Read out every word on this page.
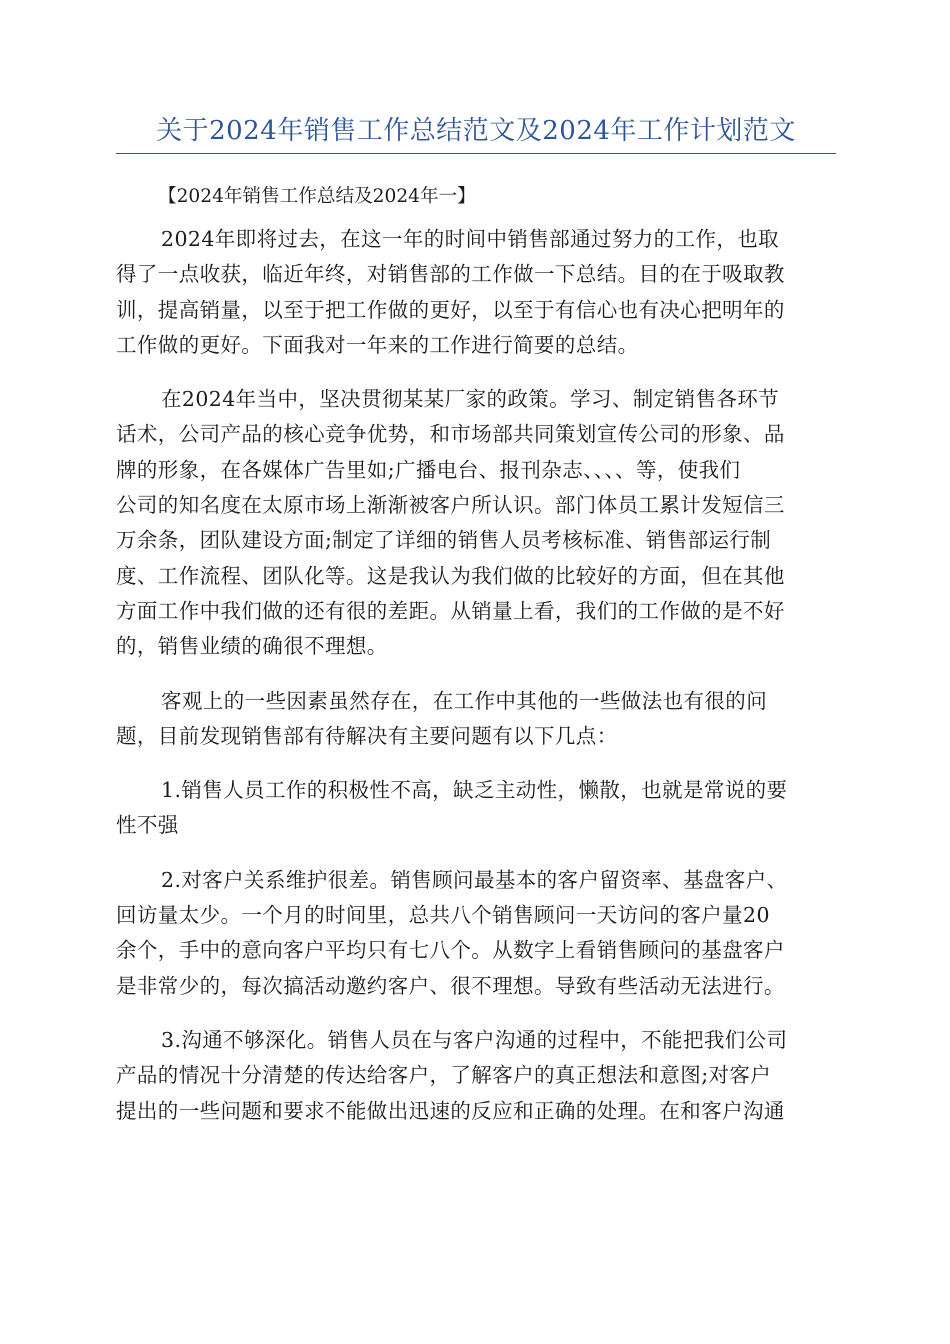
关于2024年销售工作总结范文及2024年工作计划范文

【2024年销售工作总结及2024年一】

2024年即将过去，在这一年的时间中销售部通过努力的工作，也取
得了一点收获，临近年终，对销售部的工作做一下总结。目的在于吸取教
训，提高销量，以至于把工作做的更好，以至于有信心也有决心把明年的
工作做的更好。下面我对一年来的工作进行简要的总结。

在2024年当中，坚决贯彻某某厂家的政策。学习、制定销售各环节
话术，公司产品的核心竞争优势，和市场部共同策划宣传公司的形象、品
牌的形象，在各媒体广告里如;广播电台、报刊杂志、、、、等，使我们
公司的知名度在太原市场上渐渐被客户所认识。部门体员工累计发短信三
万余条，团队建设方面;制定了详细的销售人员考核标准、销售部运行制
度、工作流程、团队化等。这是我认为我们做的比较好的方面，但在其他
方面工作中我们做的还有很的差距。从销量上看，我们的工作做的是不好
的，销售业绩的确很不理想。

客观上的一些因素虽然存在，在工作中其他的一些做法也有很的问
题，目前发现销售部有待解决有主要问题有以下几点：

1.销售人员工作的积极性不高，缺乏主动性，懒散，也就是常说的要
性不强

2.对客户关系维护很差。销售顾问最基本的客户留资率、基盘客户、
回访量太少。一个月的时间里，总共八个销售顾问一天访问的客户量20
余个，手中的意向客户平均只有七八个。从数字上看销售顾问的基盘客户
是非常少的，每次搞活动邀约客户、很不理想。导致有些活动无法进行。

3.沟通不够深化。销售人员在与客户沟通的过程中，不能把我们公司
产品的情况十分清楚的传达给客户，了解客户的真正想法和意图;对客户
提出的一些问题和要求不能做出迅速的反应和正确的处理。在和客户沟通
